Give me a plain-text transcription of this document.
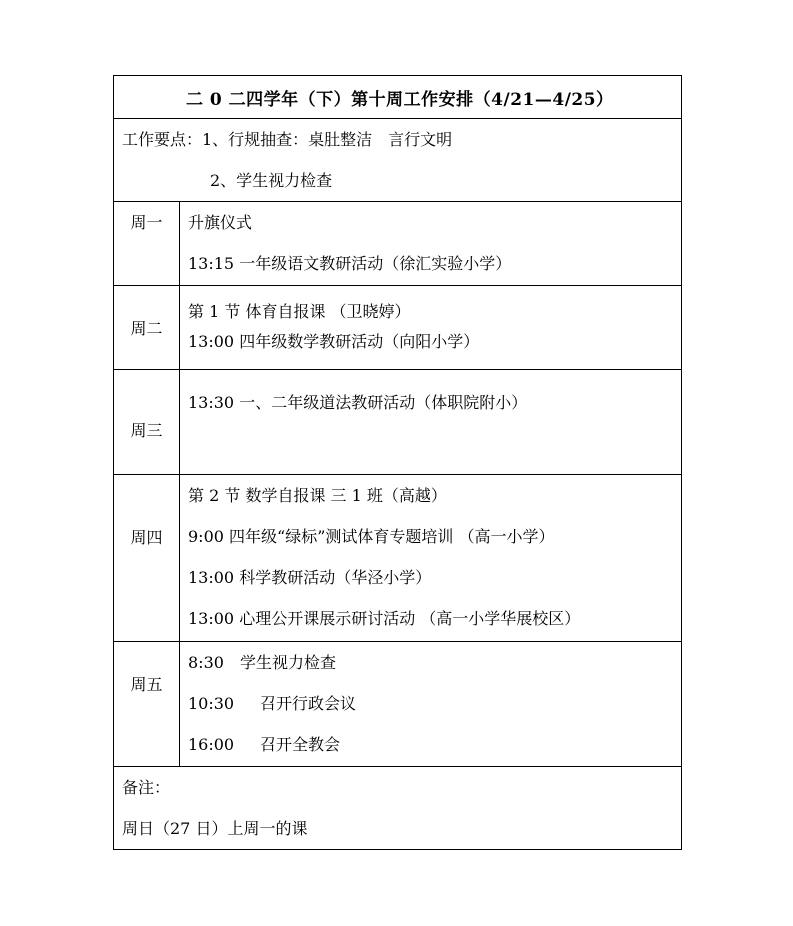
二 0 二四学年（下）第十周工作安排（4/21—4/25）	

工作要点：1、行规抽查：桌肚整洁　言行文明
2、学生视力检查	

周一	升旗仪式
13:15 一年级语文教研活动（徐汇实验小学）

周二	第 1 节 体育自报课 （卫晓婷）
13:00 四年级数学教研活动（向阳小学）

周三	13:30 一、二年级道法教研活动（体职院附小）

周四	第 2 节 数学自报课 三 1 班（高越）
9:00 四年级“绿标”测试体育专题培训 （高一小学）
13:00 科学教研活动（华泾小学）
13:00 心理公开课展示研讨活动 （高一小学华展校区）

周五	8:30 学生视力检查
10:30 召开行政会议
16:00 召开全教会

备注：
周日（27 日）上周一的课	
